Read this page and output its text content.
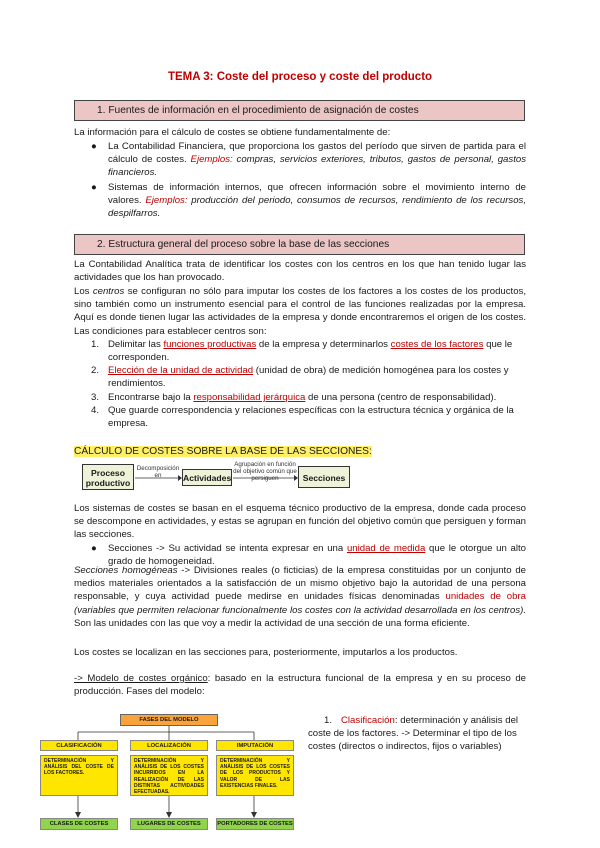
TEMA 3: Coste del proceso y coste del producto
1. Fuentes de información en el procedimiento de asignación de costes
La información para el cálculo de costes se obtiene fundamentalmente de:
● La Contabilidad Financiera, que proporciona los gastos del período que sirven de partida para el cálculo de costes. Ejemplos: compras, servicios exteriores, tributos, gastos de personal, gastos financieros.
● Sistemas de información internos, que ofrecen información sobre el movimiento interno de valores. Ejemplos: producción del periodo, consumos de recursos, rendimiento de los recursos, despilfarros.
2. Estructura general del proceso sobre la base de las secciones
La Contabilidad Analítica trata de identificar los costes con los centros en los que han tenido lugar las actividades que los han provocado.
Los centros se configuran no sólo para imputar los costes de los factores a los costes de los productos, sino también como un instrumento esencial para el control de las funciones realizadas por la empresa. Aquí es donde tienen lugar las actividades de la empresa y donde encontraremos el origen de los costes. Las condiciones para establecer centros son:
1. Delimitar las funciones productivas de la empresa y determinarlos costes de los factores que le corresponden.
2. Elección de la unidad de actividad (unidad de obra) de medición homogénea para los costes y rendimientos.
3. Encontrarse bajo la responsabilidad jerárquica de una persona (centro de responsabilidad).
4. Que guarde correspondencia y relaciones específicas con la estructura técnica y orgánica de la empresa.
CÁLCULO DE COSTES SOBRE LA BASE DE LAS SECCIONES:
Proceso productivo
Decomposición en	Actividades
Agrupación en función del objetivo común que persiguen	Secciones
Los sistemas de costes se basan en el esquema técnico productivo de la empresa, donde cada proceso se descompone en actividades, y estas se agrupan en función del objetivo común que persiguen y forman las secciones.
● Secciones -> Su actividad se intenta expresar en una unidad de medida que le otorgue un alto grado de homogeneidad.
Secciones homogéneas -> Divisiones reales (o ficticias) de la empresa constituidas por un conjunto de medios materiales orientados a la satisfacción de un mismo objetivo bajo la autoridad de una persona responsable, y cuya actividad puede medirse en unidades físicas denominadas unidades de obra (variables que permiten relacionar funcionalmente los costes con la actividad desarrollada en los centros). Son las unidades con las que voy a medir la actividad de una sección de una forma eficiente.
Los costes se localizan en las secciones para, posteriormente, imputarlos a los productos.
-> Modelo de costes orgánico: basado en la estructura funcional de la empresa y en su proceso de producción. Fases del modelo:
FASES DEL MODELO
CLASIFICACIÓN	LOCALIZACIÓN	IMPUTACIÓN
DETERMINACIÓN Y ANÁLISIS DEL COSTE DE LOS FACTORES.
DETERMINACIÓN Y ANÁLISIS DE LOS COSTES INCURRIDOS EN LA REALIZACIÓN DE LAS DISTINTAS ACTIVIDADES EFECTUADAS.
DETERMINACIÓN Y ANÁLISIS DE LOS COSTES DE LOS PRODUCTOS Y VALOR DE LAS EXISTENCIAS FINALES.
CLASES DE COSTES	LUGARES DE COSTES	PORTADORES DE COSTES
1. Clasificación: determinación y análisis del coste de los factores. -> Determinar el tipo de los costes (directos o indirectos, fijos o variables)
